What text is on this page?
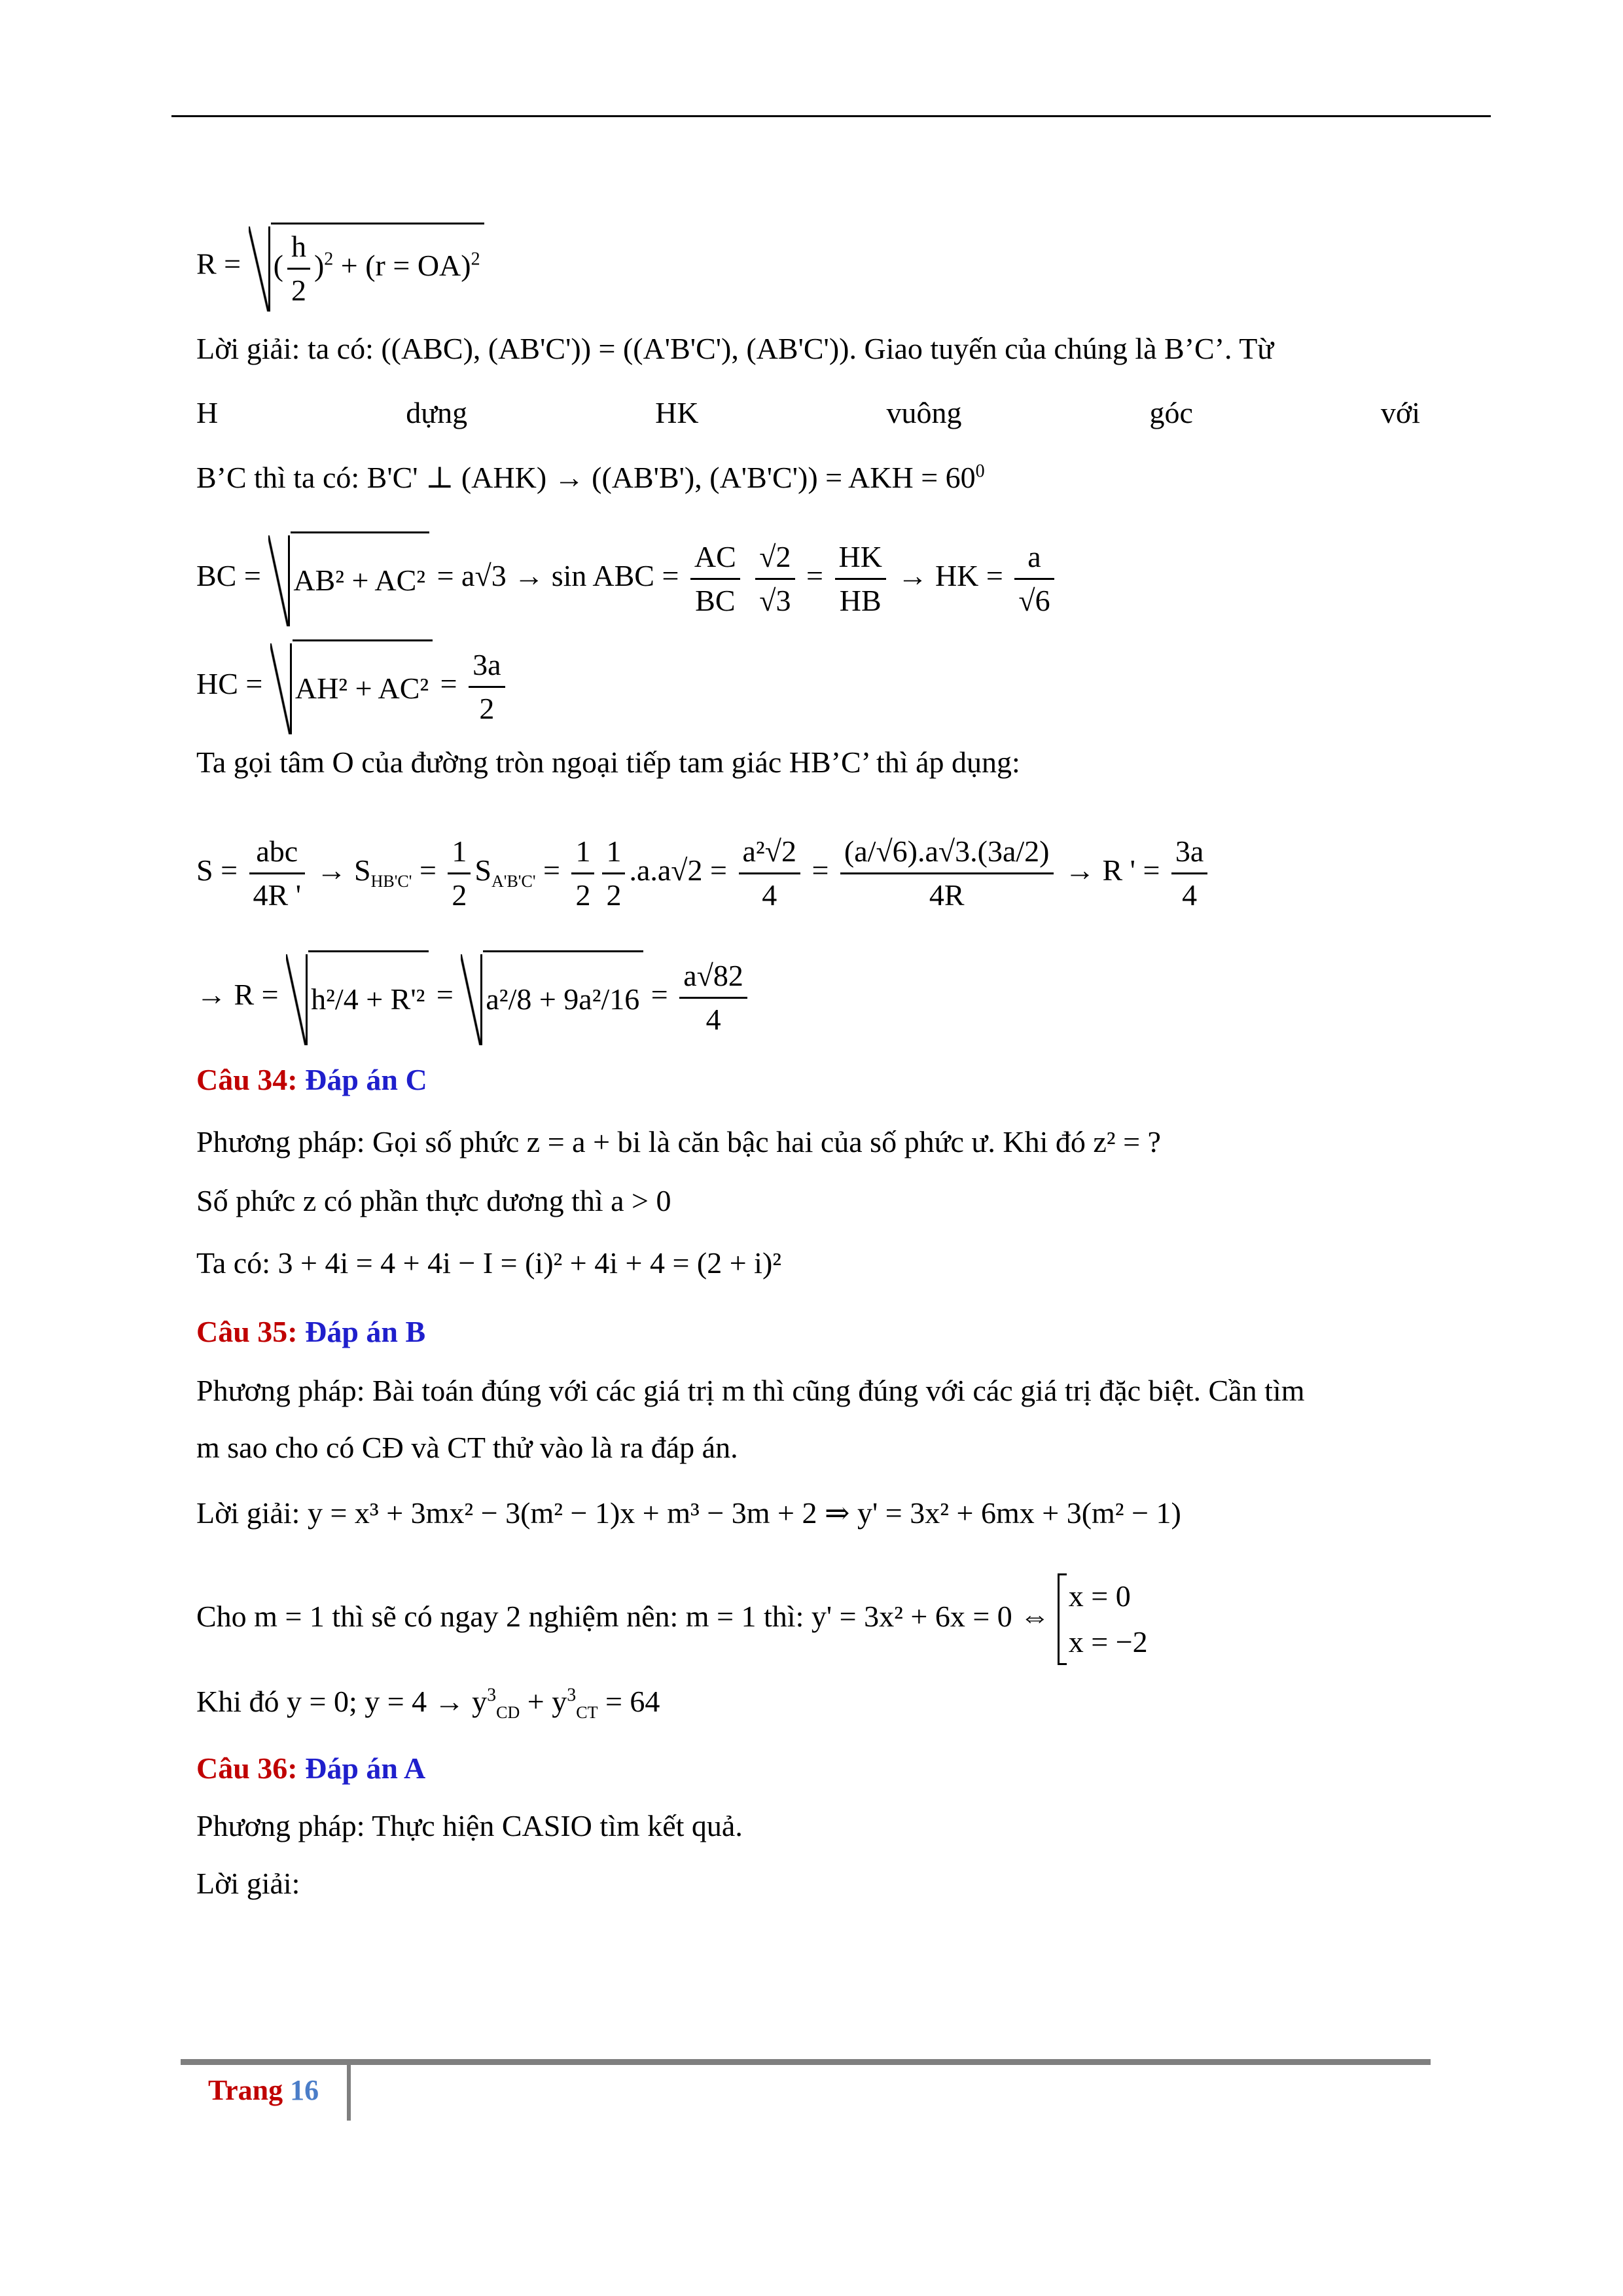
R = ( $\frac{h}{2} )^2 + (r = OA)^2$
Lời giải: ta có: ((ABC), (AB'C')) = ((A'B'C'), (AB'C')). Giao tuyến của chúng là B’C’. Từ
H	dựng	HK	vuông	góc	với
B’C thì ta có: B'C' ⊥ (AHK) → ((AB'B'), (A'B'C')) = AKH = $60^0$
BC = AB² + AC² = a√3 → sin ABC = $\frac{AC}{BC}$
$\frac{√2}{√3} = \frac{HK}{HB}$ → HK = $\frac{a}{√6}$
HC = $AH^2 + AC^2 = \frac{3a}{2}$
Ta gọi tâm O của đường tròn ngoại tiếp tam giác HB’C’ thì áp dụng:
$S = \frac{\text{abc}}{4R '} \to S_{HB'C'} = \frac{1}{2} S_{A'B'C'} = \frac{1}{2} \frac{1}{2} .a.a√2 = \frac{\text{a²√2}}{4} = \frac{(a/√6).a√3.(3a/2)}{4R} \to R$ ' = $\frac{3a}{4}$
→ $R = h^2/4 + R'^2 = a^2/8 + 9a^2/16 = \frac{a√82}{4}$
Câu 34: Đáp án C
Phương pháp: Gọi số phức z = a + bi là căn bậc hai của số phức ư. Khi đó z² = ?
Số phức z có phần thực dương thì a > 0
Ta có: 3 + 4i = 4 + 4i − I = (i)² + 4i + 4 = (2 + i)²
Câu 35: Đáp án B
Phương pháp: Bài toán đúng với các giá trị m thì cũng đúng với các giá trị đặc biệt. Cần tìm
m sao cho có CĐ và CT thử vào là ra đáp án.
Lời giải: y = x³ + 3mx² − 3(m² − 1)x + m³ − 3m + 2 ⇒ y' = 3x² + 6mx + 3(m² − 1)
Cho m = 1 thì sẽ có ngay 2 nghiệm nên: m = 1 thì: y' = 3x² + 6x = 0 ⇔
x = 0
x = −2
Khi đó y = 0; $y = 4 \to y^3_{CD} + y^3_{CT} = 64$
Câu 36: Đáp án A
Phương pháp: Thực hiện CASIO tìm kết quả.
Lời giải:
Trang 16
